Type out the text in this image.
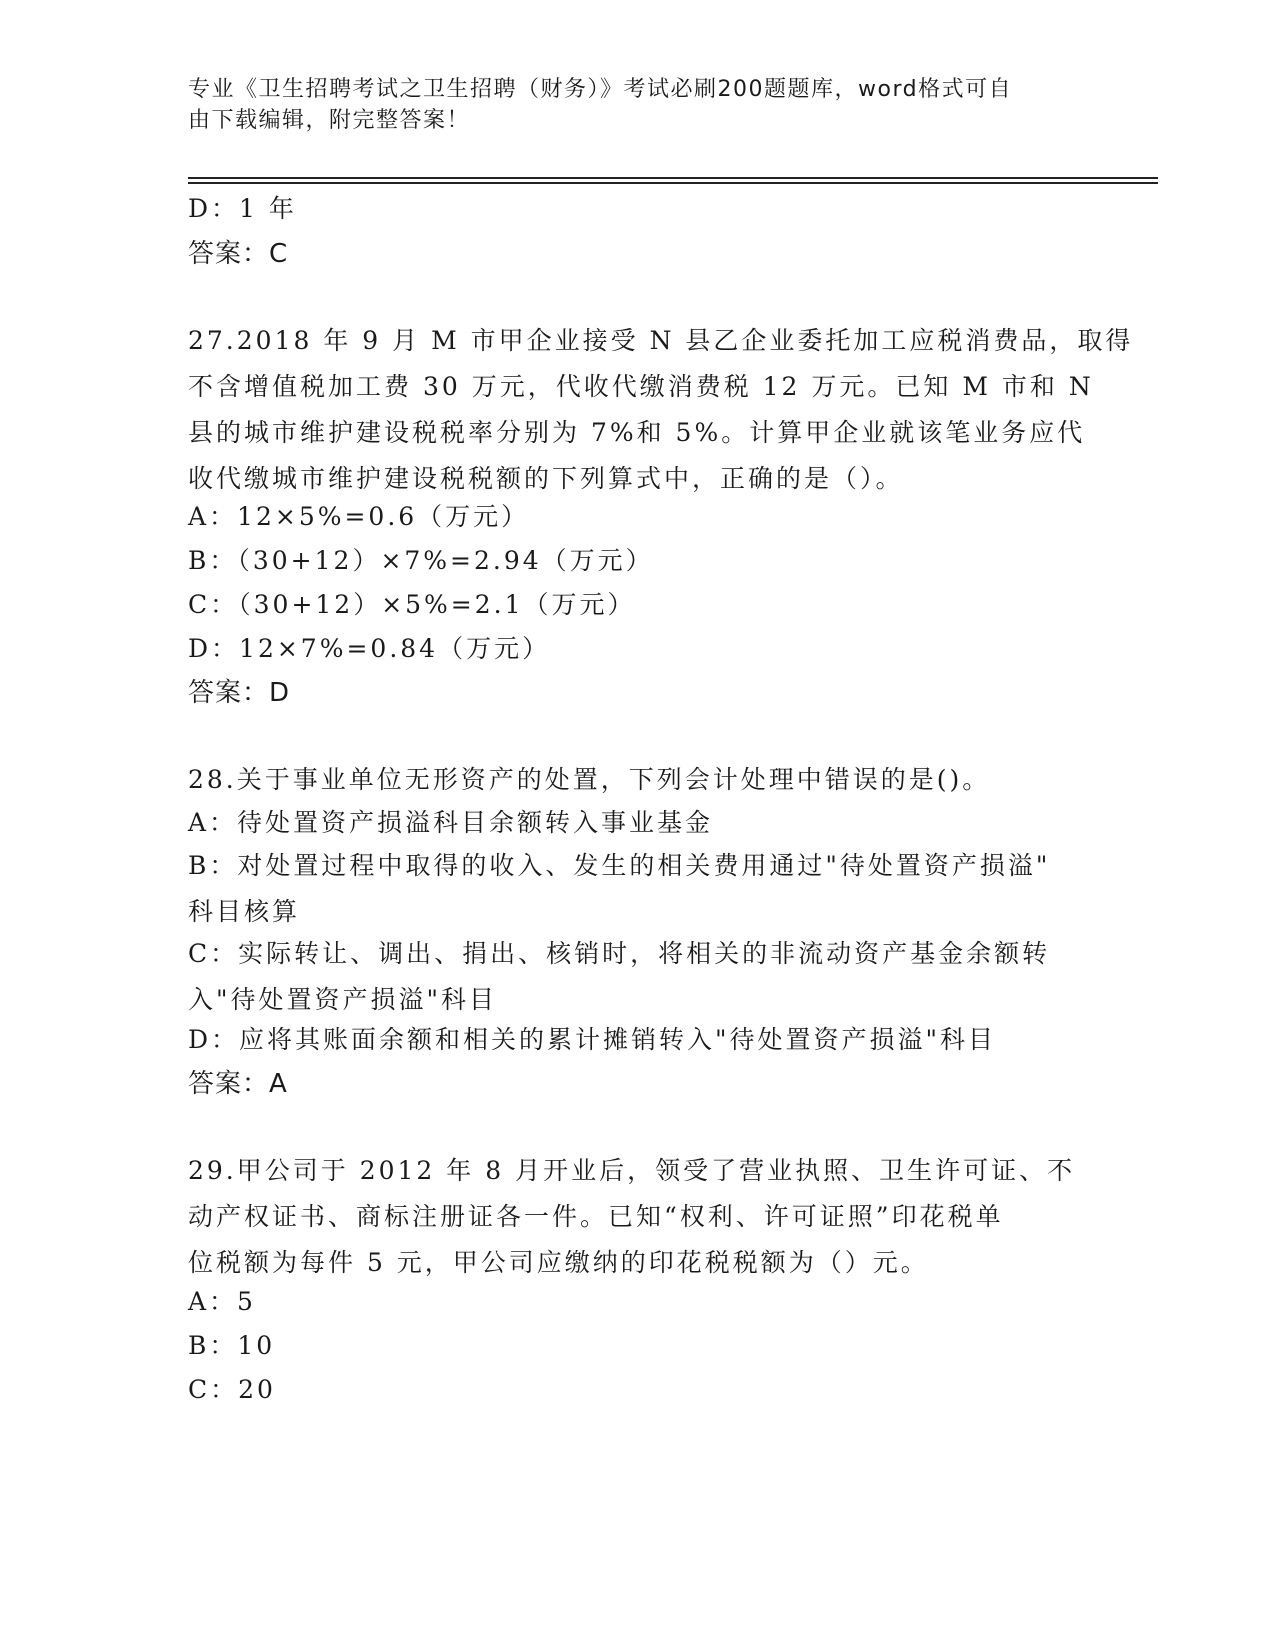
专业《卫生招聘考试之卫生招聘（财务）》考试必刷200题题库，word格式可自
由下载编辑，附完整答案！
D：1 年
答案：C
27.2018 年 9 月 M 市甲企业接受 N 县乙企业委托加工应税消费品，取得
不含增值税加工费 30 万元，代收代缴消费税 12 万元。已知 M 市和 N
县的城市维护建设税税率分别为 7%和 5%。计算甲企业就该笔业务应代
收代缴城市维护建设税税额的下列算式中，正确的是（）。
A：12×5%=0.6（万元）
B：（30+12）×7%=2.94（万元）
C：（30+12）×5%=2.1（万元）
D：12×7%=0.84（万元）
答案：D
28.关于事业单位无形资产的处置，下列会计处理中错误的是()。
A：待处置资产损溢科目余额转入事业基金
B：对处置过程中取得的收入、发生的相关费用通过"待处置资产损溢"
科目核算
C：实际转让、调出、捐出、核销时，将相关的非流动资产基金余额转
入"待处置资产损溢"科目
D：应将其账面余额和相关的累计摊销转入"待处置资产损溢"科目
答案：A
29.甲公司于 2012 年 8 月开业后，领受了营业执照、卫生许可证、不
动产权证书、商标注册证各一件。已知“权利、许可证照”印花税单
位税额为每件 5 元，甲公司应缴纳的印花税税额为（）元。
A：5
B：10
C：20
